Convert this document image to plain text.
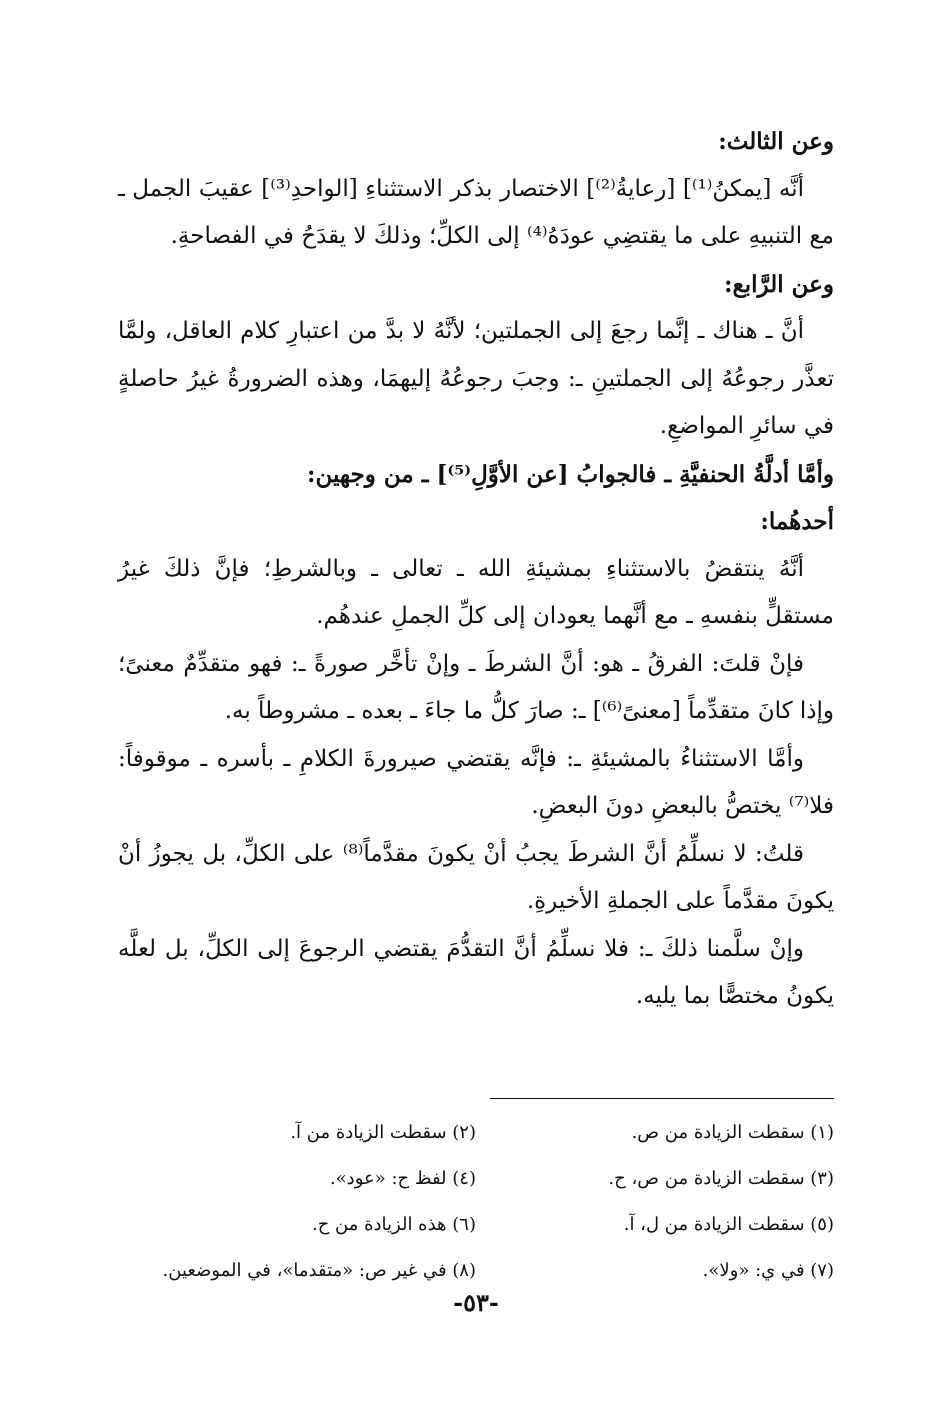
وعن الثالث:

أنَّه [يمكنُ⁽¹⁾] [رعايةُ⁽²⁾] الاختصار بذكر الاستثناءِ [الواحدِ⁽³⁾] عقيبَ الجمل ـ مع التنبيهِ على ما يقتضِي عودَهُ⁽⁴⁾ إلى الكلِّ؛ وذلكَ لا يقدَحُ في الفصاحةِ.

وعن الرَّابع:

أنَّ ـ هناك ـ إنَّما رجعَ إلى الجملتين؛ لأنَّهُ لا بدَّ من اعتبارِ كلام العاقل، ولمَّا تعذَّر رجوعُهُ إلى الجملتينِ ـ: وجبَ رجوعُهُ إليهمَا، وهذه الضرورةُ غيرُ حاصلةٍ في سائرِ المواضعِ.

وأمَّا أدلَّةُ الحنفيَّةِ ـ فالجوابُ [عن الأوَّلِ⁽⁵⁾] ـ من وجهين:

أحدهُما:

أنَّهُ ينتقضُ بالاستثناءِ بمشيئةِ الله ـ تعالى ـ وبالشرطِ؛ فإنَّ ذلكَ غيرُ مستقلٍّ بنفسهِ ـ مع أنَّهما يعودان إلى كلِّ الجملِ عندهُم.

فإنْ قلتَ: الفرقُ ـ هو: أنَّ الشرطَ ـ وإنْ تأخَّر صورةً ـ: فهو متقدِّمٌ معنىً؛ وإذا كانَ متقدِّماً [معنىً⁽⁶⁾] ـ: صارَ كلُّ ما جاءَ ـ بعده ـ مشروطاً به.

وأمَّا الاستثناءُ بالمشيئةِ ـ: فإنَّه يقتضي صيرورةَ الكلامِ ـ بأسره ـ موقوفاً: فلا⁽⁷⁾ يختصُّ بالبعضِ دونَ البعضِ.

قلتُ: لا نسلِّمُ أنَّ الشرطَ يجبُ أنْ يكونَ مقدَّماً⁽⁸⁾ على الكلِّ، بل يجوزُ أنْ يكونَ مقدَّماً على الجملةِ الأخيرةِ.

وإنْ سلَّمنا ذلكَ ـ: فلا نسلِّمُ أنَّ التقدُّمَ يقتضي الرجوعَ إلى الكلِّ، بل لعلَّه يكونُ مختصًّا بما يليه.

(١) سقطت الزيادة من ص.
(٢) سقطت الزيادة من آ.
(٣) سقطت الزيادة من ص، ح.
(٤) لفظ ح: «عود».
(٥) سقطت الزيادة من ل، آ.
(٦) هذه الزيادة من ح.
(٧) في ي: «ولا».
(٨) في غير ص: «متقدما»، في الموضعين.
-٥٣-
